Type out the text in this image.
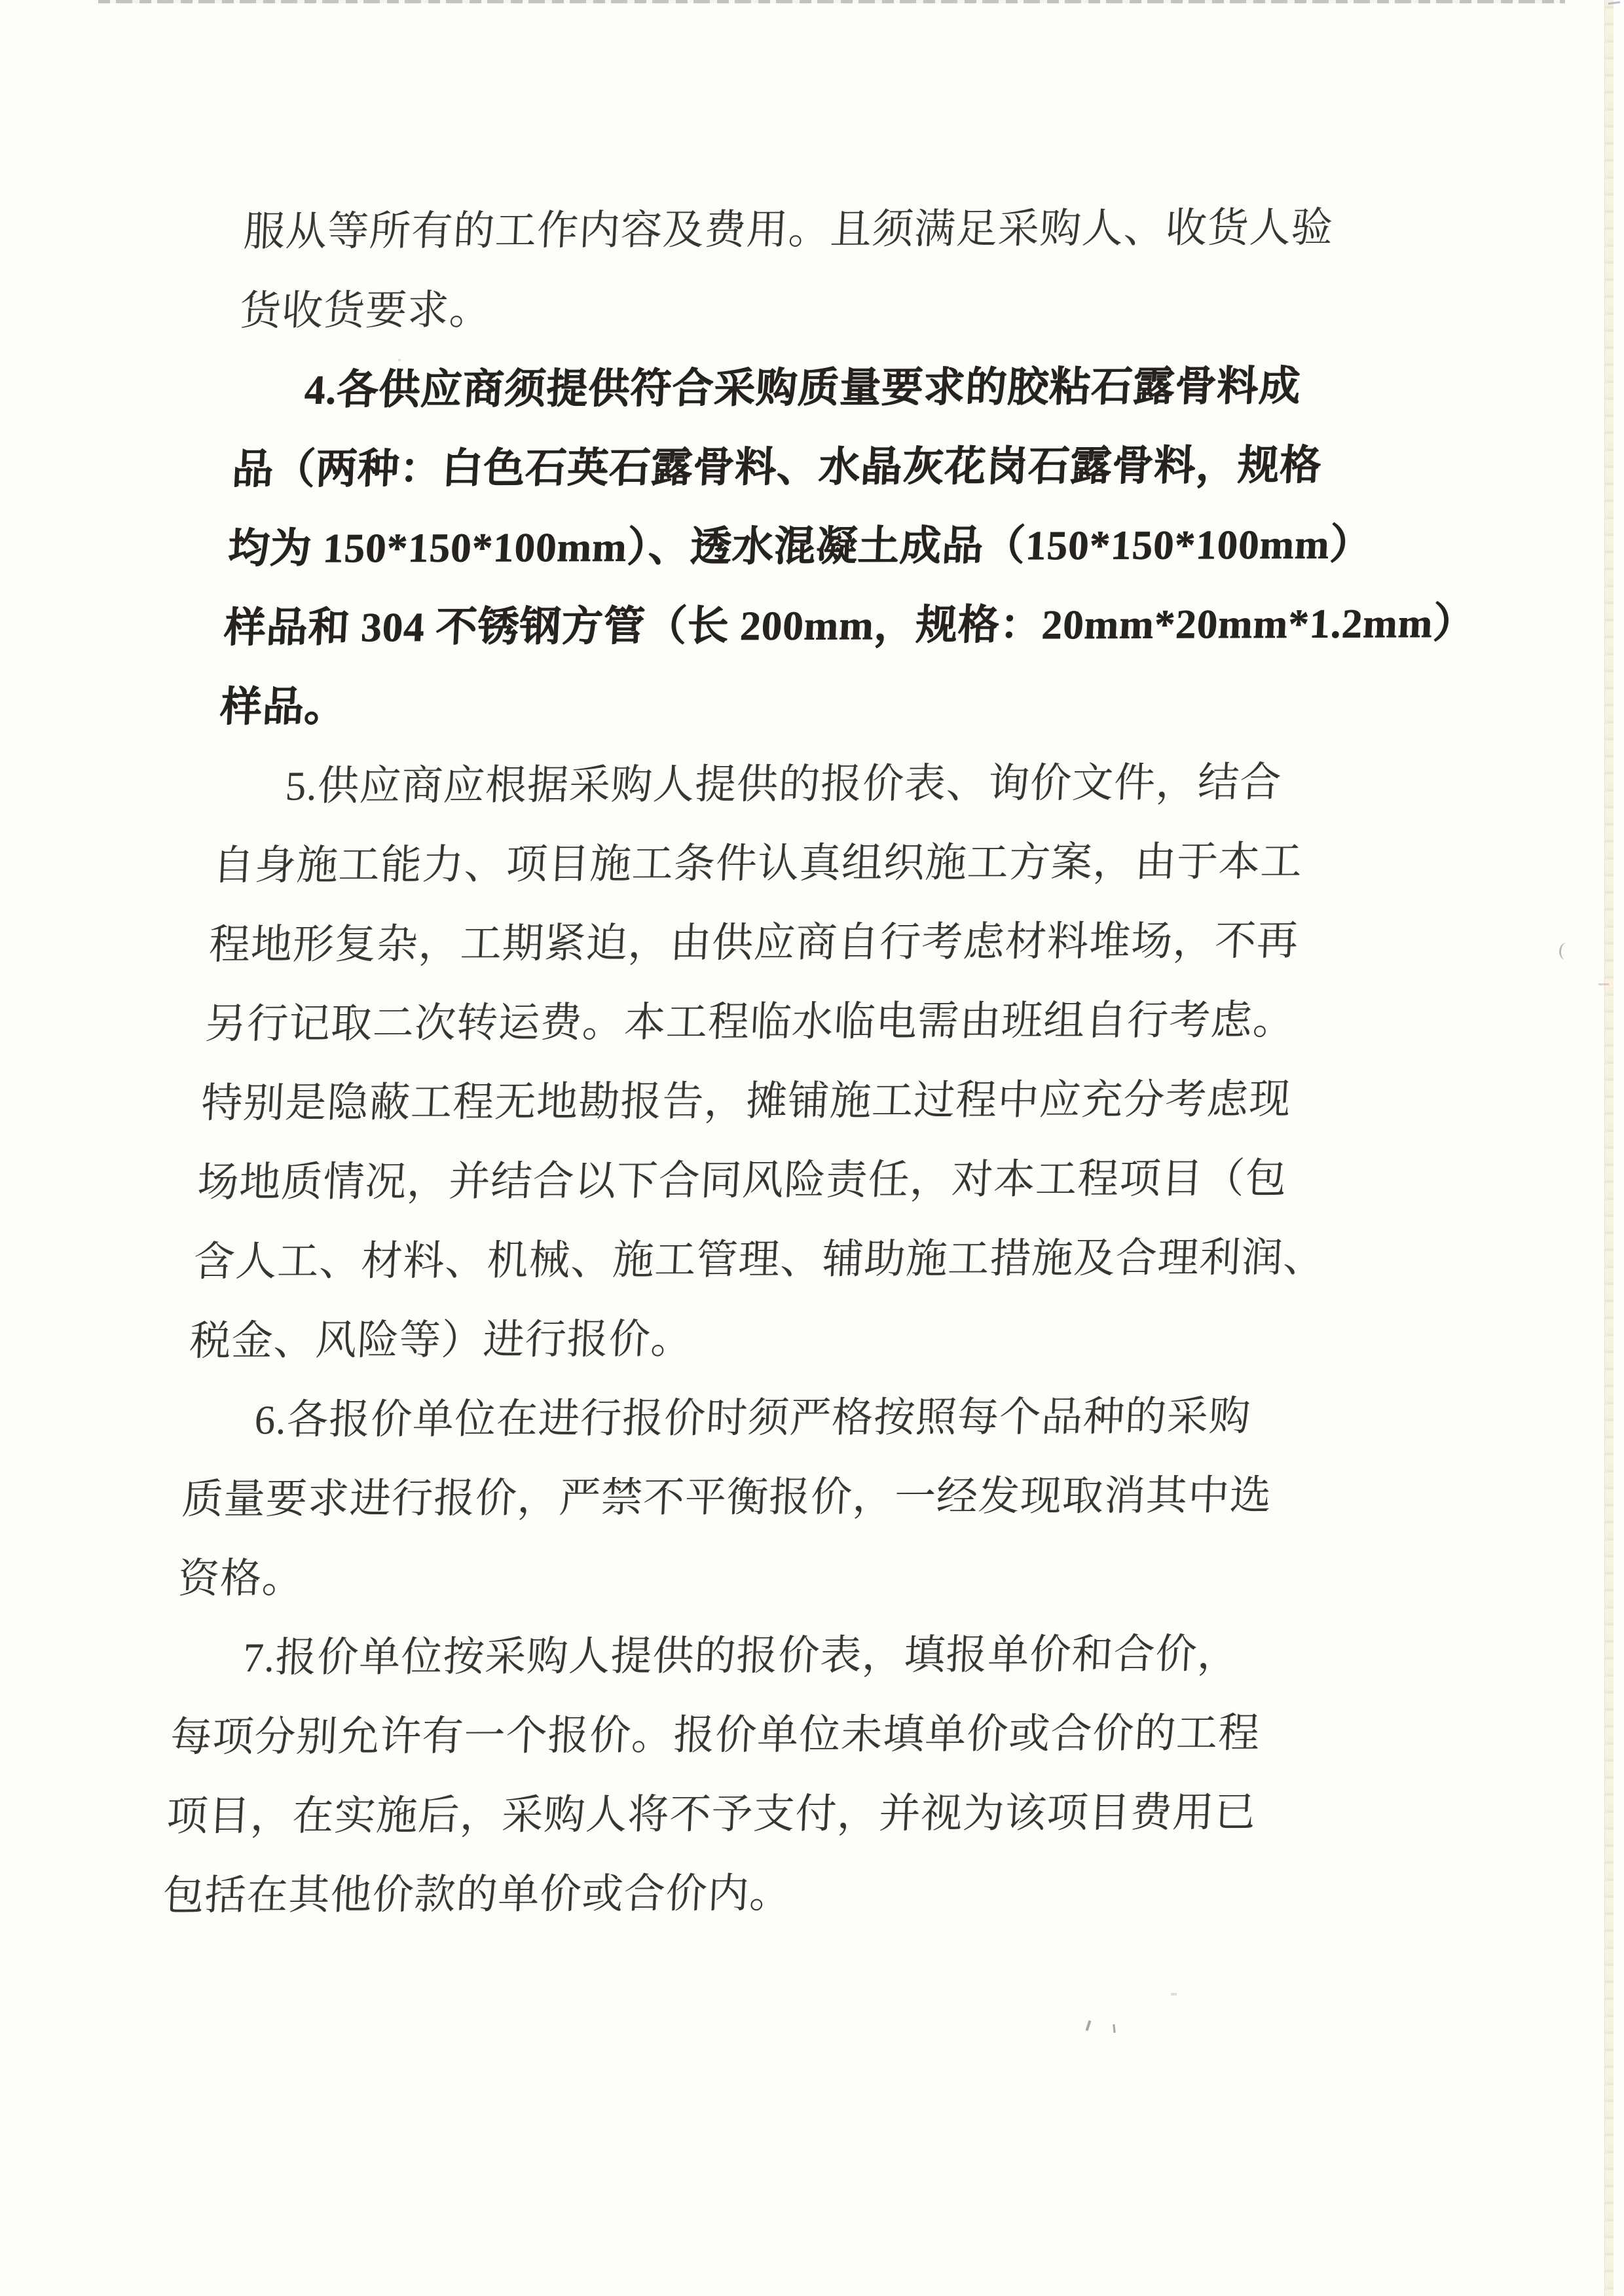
服从等所有的工作内容及费用。且须满足采购人、收货人验
货收货要求。
4.各供应商须提供符合采购质量要求的胶粘石露骨料成
品（两种：白色石英石露骨料、水晶灰花岗石露骨料，规格
均为 150*150*100mm）、透水混凝土成品（150*150*100mm）
样品和 304 不锈钢方管（长 200mm，规格：20mm*20mm*1.2mm）
样品。
5.供应商应根据采购人提供的报价表、询价文件，结合
自身施工能力、项目施工条件认真组织施工方案，由于本工
程地形复杂，工期紧迫，由供应商自行考虑材料堆场，不再
另行记取二次转运费。本工程临水临电需由班组自行考虑。
特别是隐蔽工程无地勘报告，摊铺施工过程中应充分考虑现
场地质情况，并结合以下合同风险责任，对本工程项目（包
含人工、材料、机械、施工管理、辅助施工措施及合理利润、
税金、风险等）进行报价。
6.各报价单位在进行报价时须严格按照每个品种的采购
质量要求进行报价，严禁不平衡报价，一经发现取消其中选
资格。
7.报价单位按采购人提供的报价表，填报单价和合价，
每项分别允许有一个报价。报价单位未填单价或合价的工程
项目，在实施后，采购人将不予支付，并视为该项目费用已
包括在其他价款的单价或合价内。
